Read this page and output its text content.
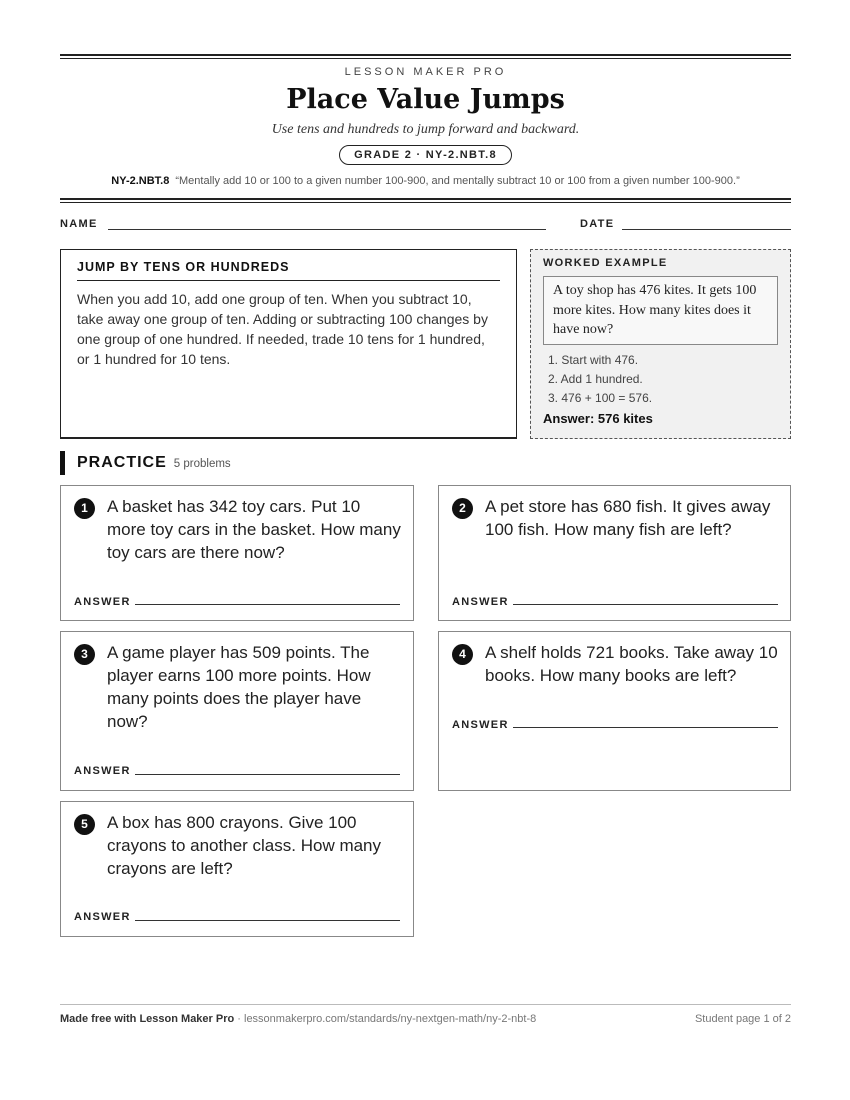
LESSON MAKER PRO
Place Value Jumps
Use tens and hundreds to jump forward and backward.
GRADE 2 · NY-2.NBT.8
NY-2.NBT.8 “Mentally add 10 or 100 to a given number 100-900, and mentally subtract 10 or 100 from a given number 100-900.”
NAME	DATE
JUMP BY TENS OR HUNDREDS

When you add 10, add one group of ten. When you subtract 10, take away one group of ten. Adding or subtracting 100 changes by one group of one hundred. If needed, trade 10 tens for 1 hundred, or 1 hundred for 10 tens.

WORKED EXAMPLE
A toy shop has 476 kites. It gets 100 more kites. How many kites does it have now?
1. Start with 476.
2. Add 1 hundred.
3. 476 + 100 = 576.
Answer: 576 kites
PRACTICE 5 problems
1	A basket has 342 toy cars. Put 10 more toy cars in the basket. How many toy cars are there now?
ANSWER
2	A pet store has 680 fish. It gives away 100 fish. How many fish are left?
ANSWER
3	A game player has 509 points. The player earns 100 more points. How many points does the player have now?
ANSWER
4	A shelf holds 721 books. Take away 10 books. How many books are left?
ANSWER
5	A box has 800 crayons. Give 100 crayons to another class. How many crayons are left?
ANSWER
Made free with Lesson Maker Pro · lessonmakerpro.com/standards/ny-nextgen-math/ny-2-nbt-8	Student page 1 of 2
